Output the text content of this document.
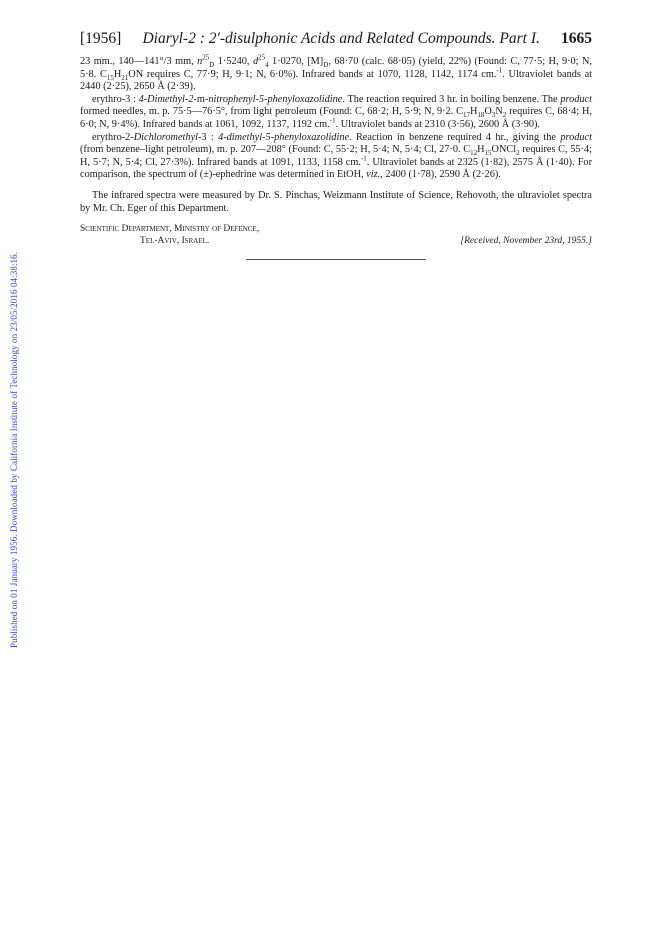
Published on 01 January 1956. Downloaded by California Institute of Technology on 23/05/2016 04:38:16.
[1956] Diaryl-2 : 2′-disulphonic Acids and Related Compounds. Part I. 1665

23 mm., 140—141°/3 mm, $n^{25}_D$ 1·5240, $d^{25}_4$ 1·0270, $[M]_D$, 68·70 (calc. 68·05) (yield, 22%) (Found: C, 77·5; H, 9·0; N, 5·8. $C_{15}H_{21}ON$ requires C, 77·9; H, 9·1; N, 6·0%). Infrared bands at 1070, 1128, 1142, 1174 cm.$^{-1}$. Ultraviolet bands at 2440 (2·25), 2650 Å (2·39).

erythro-3 : 4-Dimethyl-2-m-nitrophenyl-5-phenyloxazolidine. The reaction required 3 hr. in boiling benzene. The product formed needles, m. p. 75·5—76·5°, from light petroleum (Found: C, 68·2; H, 5·9; N, 9·2. $C_{17}H_{18}O_3N_2$ requires C, 68·4; H, 6·0; N, 9·4%). Infrared bands at 1061, 1092, 1137, 1192 cm.$^{-1}$. Ultraviolet bands at 2310 (3·56), 2600 Å (3·90).

erythro-2-Dichloromethyl-3 : 4-dimethyl-5-phenyloxazolidine. Reaction in benzene required 4 hr., giving the product (from benzene–light petroleum), m. p. 207—208° (Found: C, 55·2; H, 5·4; N, 5·4; Cl, 27·0. $C_{12}H_{15}ONCl_2$ requires C, 55·4; H, 5·7; N, 5·4; Cl, 27·3%). Infrared bands at 1091, 1133, 1158 cm.$^{-1}$. Ultraviolet bands at 2325 (1·82), 2575 Å (1·40). For comparison, the spectrum of (±)-ephedrine was determined in EtOH, viz., 2400 (1·78), 2590 Å (2·26).

The infrared spectra were measured by Dr. S. Pinchas, Weizmann Institute of Science, Rehovoth, the ultraviolet spectra by Mr. Ch. Eger of this Department.

Scientific Department, Ministry of Defence,
Tel-Aviv, Israel.	[Received, November 23rd, 1955.]
